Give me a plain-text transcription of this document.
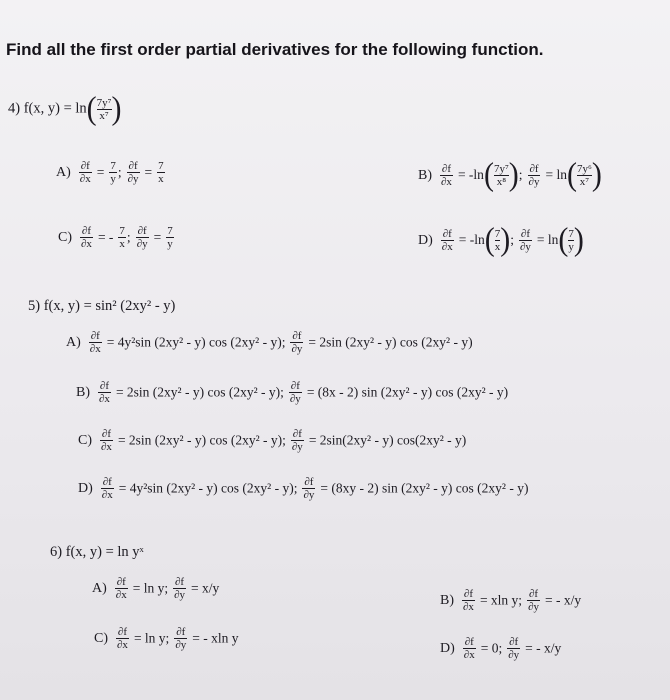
Find all the first order partial derivatives for the following function.
4) f(x, $y) = \ln( \frac{\text{7y⁷}}{\text{x⁷}}$ )
$A) \frac{\partial f}{\partial x} = \frac{7}{y}$ ; $\frac{\partial f}{\partial y} = \frac{7}{x}$	$B) \frac{\partial f}{\partial x} = -\ln( \frac{\text{7y⁷}}{\text{x⁸}}$ ); $\frac{\partial f}{\partial y} = \ln( \frac{\text{7y⁶}}{\text{x⁷}}$ )
$C) \frac{\partial f}{\partial x}$ = - $\frac{7}{x}$ ; $\frac{\partial f}{\partial y} = \frac{7}{y}$	$D) \frac{\partial f}{\partial x} = -\ln( \frac{7}{x}$ ); $\frac{\partial f}{\partial y} = \ln( \frac{7}{y}$ )
5) f(x, y) = sin² (2xy² - y)
$A) \frac{\partial f}{\partial x} = 4y^2\sin$ (2xy² - y) cos (2xy² - y); $\frac{\partial f}{\partial y} = 2\sin$ (2xy² - y) cos (2xy² - y)
$B) \frac{\partial f}{\partial x} = 2\sin$ (2xy² - y) cos (2xy² - y); $\frac{\partial f}{\partial y} = (8x - 2)$ sin (2xy² - y) cos (2xy² - y)
$C) \frac{\partial f}{\partial x} = 2\sin$ (2xy² - y) cos (2xy² - y); $\frac{\partial f}{\partial y} = 2\sin(2xy^2 - y)$ cos(2xy² - y)
$D) \frac{\partial f}{\partial x} = 4y^2\sin$ (2xy² - y) cos (2xy² - y); $\frac{\partial f}{\partial y} = (8xy - 2)$ sin (2xy² - y) cos (2xy² - y)
6) f(x, y) = ln yˣ
$A) \frac{\partial f}{\partial x} = \ln y$; $\frac{\partial f}{\partial y} = x/y$
$B) \frac{\partial f}{\partial x} = xln$ y; $\frac{\partial f}{\partial y}$ = - x/y
$C) \frac{\partial f}{\partial x} = \ln y$; $\frac{\partial f}{\partial y}$ = - xln y
$D) \frac{\partial f}{\partial x} = 0$; $\frac{\partial f}{\partial y}$ = - x/y
